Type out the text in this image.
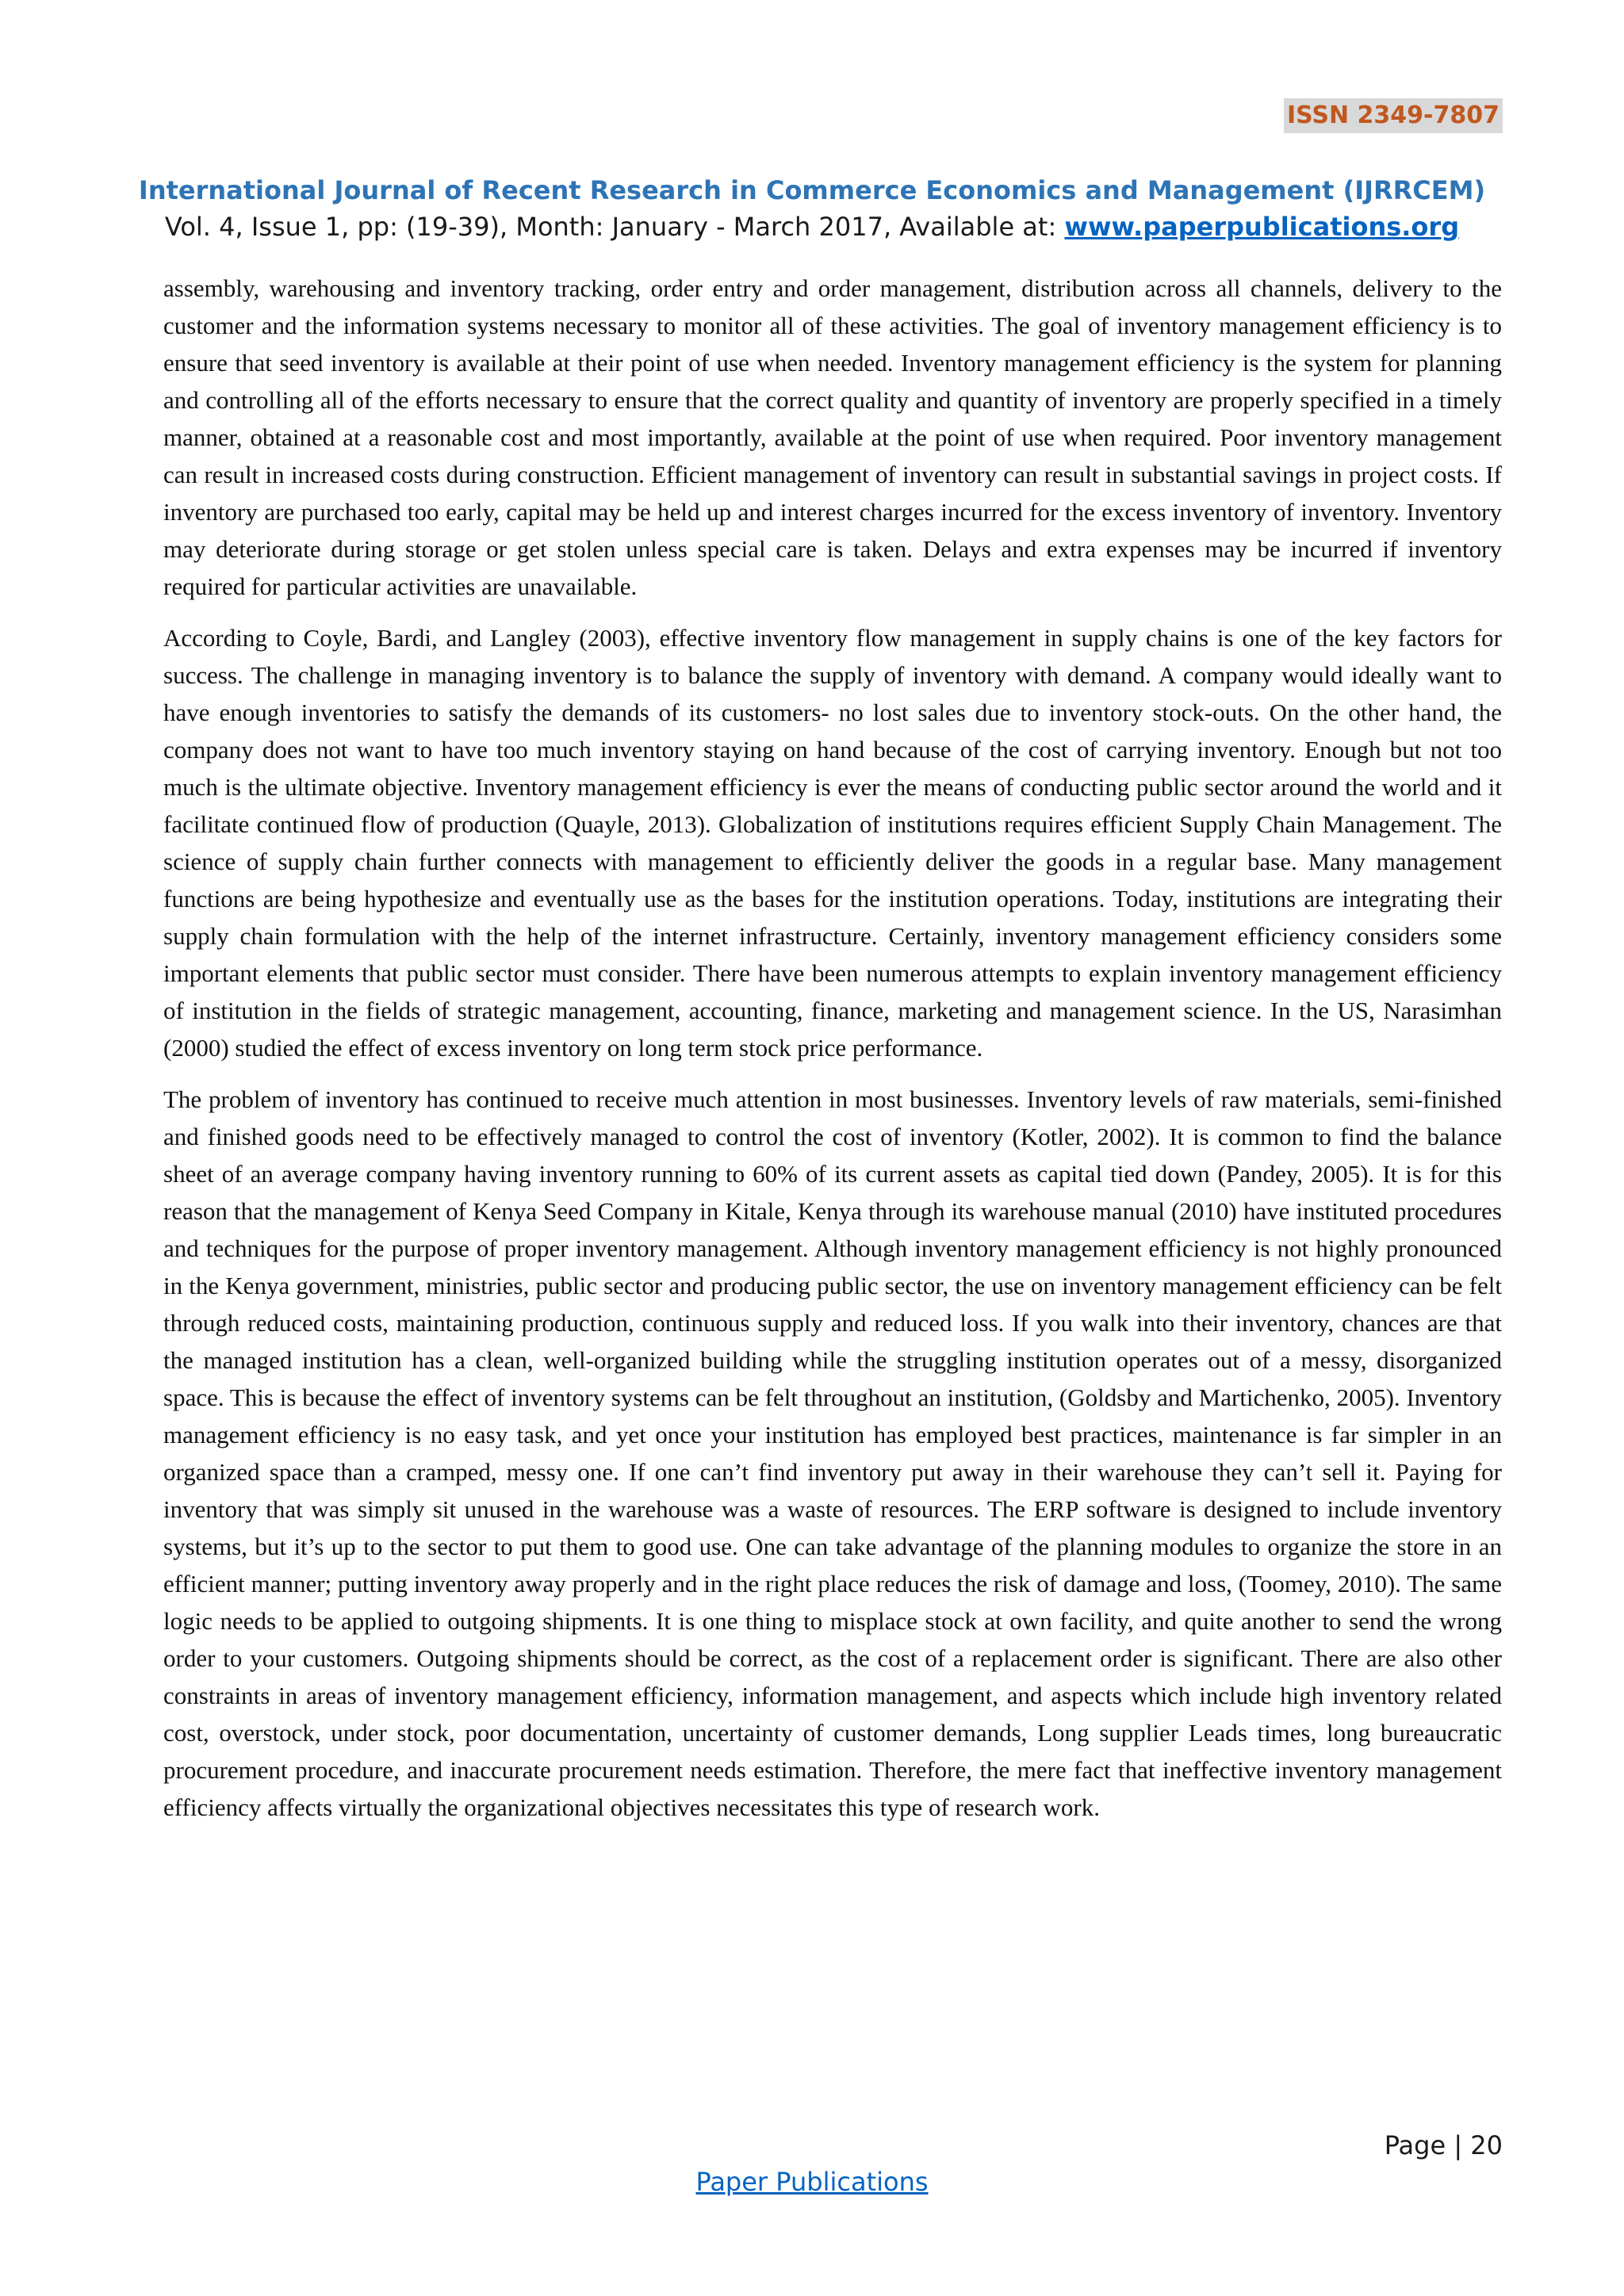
ISSN 2349-7807
International Journal of Recent Research in Commerce Economics and Management (IJRRCEM)
Vol. 4, Issue 1, pp: (19-39), Month: January - March 2017, Available at: www.paperpublications.org

assembly, warehousing and inventory tracking, order entry and order management, distribution across all channels, delivery to the customer and the information systems necessary to monitor all of these activities. The goal of inventory management efficiency is to ensure that seed inventory is available at their point of use when needed. Inventory management efficiency is the system for planning and controlling all of the efforts necessary to ensure that the correct quality and quantity of inventory are properly specified in a timely manner, obtained at a reasonable cost and most importantly, available at the point of use when required. Poor inventory management can result in increased costs during construction. Efficient management of inventory can result in substantial savings in project costs. If inventory are purchased too early, capital may be held up and interest charges incurred for the excess inventory of inventory. Inventory may deteriorate during storage or get stolen unless special care is taken. Delays and extra expenses may be incurred if inventory required for particular activities are unavailable.

According to Coyle, Bardi, and Langley (2003), effective inventory flow management in supply chains is one of the key factors for success. The challenge in managing inventory is to balance the supply of inventory with demand. A company would ideally want to have enough inventories to satisfy the demands of its customers- no lost sales due to inventory stock-outs. On the other hand, the company does not want to have too much inventory staying on hand because of the cost of carrying inventory. Enough but not too much is the ultimate objective. Inventory management efficiency is ever the means of conducting public sector around the world and it facilitate continued flow of production (Quayle, 2013). Globalization of institutions requires efficient Supply Chain Management. The science of supply chain further connects with management to efficiently deliver the goods in a regular base. Many management functions are being hypothesize and eventually use as the bases for the institution operations. Today, institutions are integrating their supply chain formulation with the help of the internet infrastructure. Certainly, inventory management efficiency considers some important elements that public sector must consider. There have been numerous attempts to explain inventory management efficiency of institution in the fields of strategic management, accounting, finance, marketing and management science. In the US, Narasimhan (2000) studied the effect of excess inventory on long term stock price performance.

The problem of inventory has continued to receive much attention in most businesses. Inventory levels of raw materials, semi-finished and finished goods need to be effectively managed to control the cost of inventory (Kotler, 2002). It is common to find the balance sheet of an average company having inventory running to 60% of its current assets as capital tied down (Pandey, 2005). It is for this reason that the management of Kenya Seed Company in Kitale, Kenya through its warehouse manual (2010) have instituted procedures and techniques for the purpose of proper inventory management. Although inventory management efficiency is not highly pronounced in the Kenya government, ministries, public sector and producing public sector, the use on inventory management efficiency can be felt through reduced costs, maintaining production, continuous supply and reduced loss. If you walk into their inventory, chances are that the managed institution has a clean, well-organized building while the struggling institution operates out of a messy, disorganized space. This is because the effect of inventory systems can be felt throughout an institution, (Goldsby and Martichenko, 2005). Inventory management efficiency is no easy task, and yet once your institution has employed best practices, maintenance is far simpler in an organized space than a cramped, messy one. If one can’t find inventory put away in their warehouse they can’t sell it. Paying for inventory that was simply sit unused in the warehouse was a waste of resources. The ERP software is designed to include inventory systems, but it’s up to the sector to put them to good use. One can take advantage of the planning modules to organize the store in an efficient manner; putting inventory away properly and in the right place reduces the risk of damage and loss, (Toomey, 2010). The same logic needs to be applied to outgoing shipments. It is one thing to misplace stock at own facility, and quite another to send the wrong order to your customers. Outgoing shipments should be correct, as the cost of a replacement order is significant. There are also other constraints in areas of inventory management efficiency, information management, and aspects which include high inventory related cost, overstock, under stock, poor documentation, uncertainty of customer demands, Long supplier Leads times, long bureaucratic procurement procedure, and inaccurate procurement needs estimation. Therefore, the mere fact that ineffective inventory management efficiency affects virtually the organizational objectives necessitates this type of research work.

Page | 20
Paper Publications
